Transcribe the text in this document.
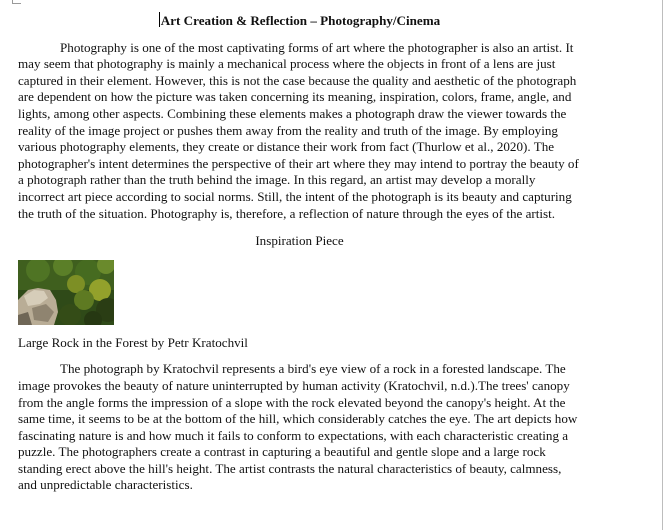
Art Creation & Reflection – Photography/Cinema

Photography is one of the most captivating forms of art where the photographer is also an artist. It may seem that photography is mainly a mechanical process where the objects in front of a lens are just captured in their element. However, this is not the case because the quality and aesthetic of the photograph are dependent on how the picture was taken concerning its meaning, inspiration, colors, frame, angle, and lights, among other aspects. Combining these elements makes a photograph draw the viewer towards the reality of the image project or pushes them away from the reality and truth of the image. By employing various photography elements, they create or distance their work from fact (Thurlow et al., 2020). The photographer's intent determines the perspective of their art where they may intend to portray the beauty of a photograph rather than the truth behind the image. In this regard, an artist may develop a morally incorrect art piece according to social norms. Still, the intent of the photograph is its beauty and capturing the truth of the situation. Photography is, therefore, a reflection of nature through the eyes of the artist.

Inspiration Piece
Large Rock in the Forest by Petr Kratochvil

The photograph by Kratochvil represents a bird's eye view of a rock in a forested landscape. The image provokes the beauty of nature uninterrupted by human activity (Kratochvil, n.d.).The trees' canopy from the angle forms the impression of a slope with the rock elevated beyond the canopy's height. At the same time, it seems to be at the bottom of the hill, which considerably catches the eye. The art depicts how fascinating nature is and how much it fails to conform to expectations, with each characteristic creating a puzzle. The photographers create a contrast in capturing a beautiful and gentle slope and a large rock standing erect above the hill's height. The artist contrasts the natural characteristics of beauty, calmness, and unpredictable characteristics.
